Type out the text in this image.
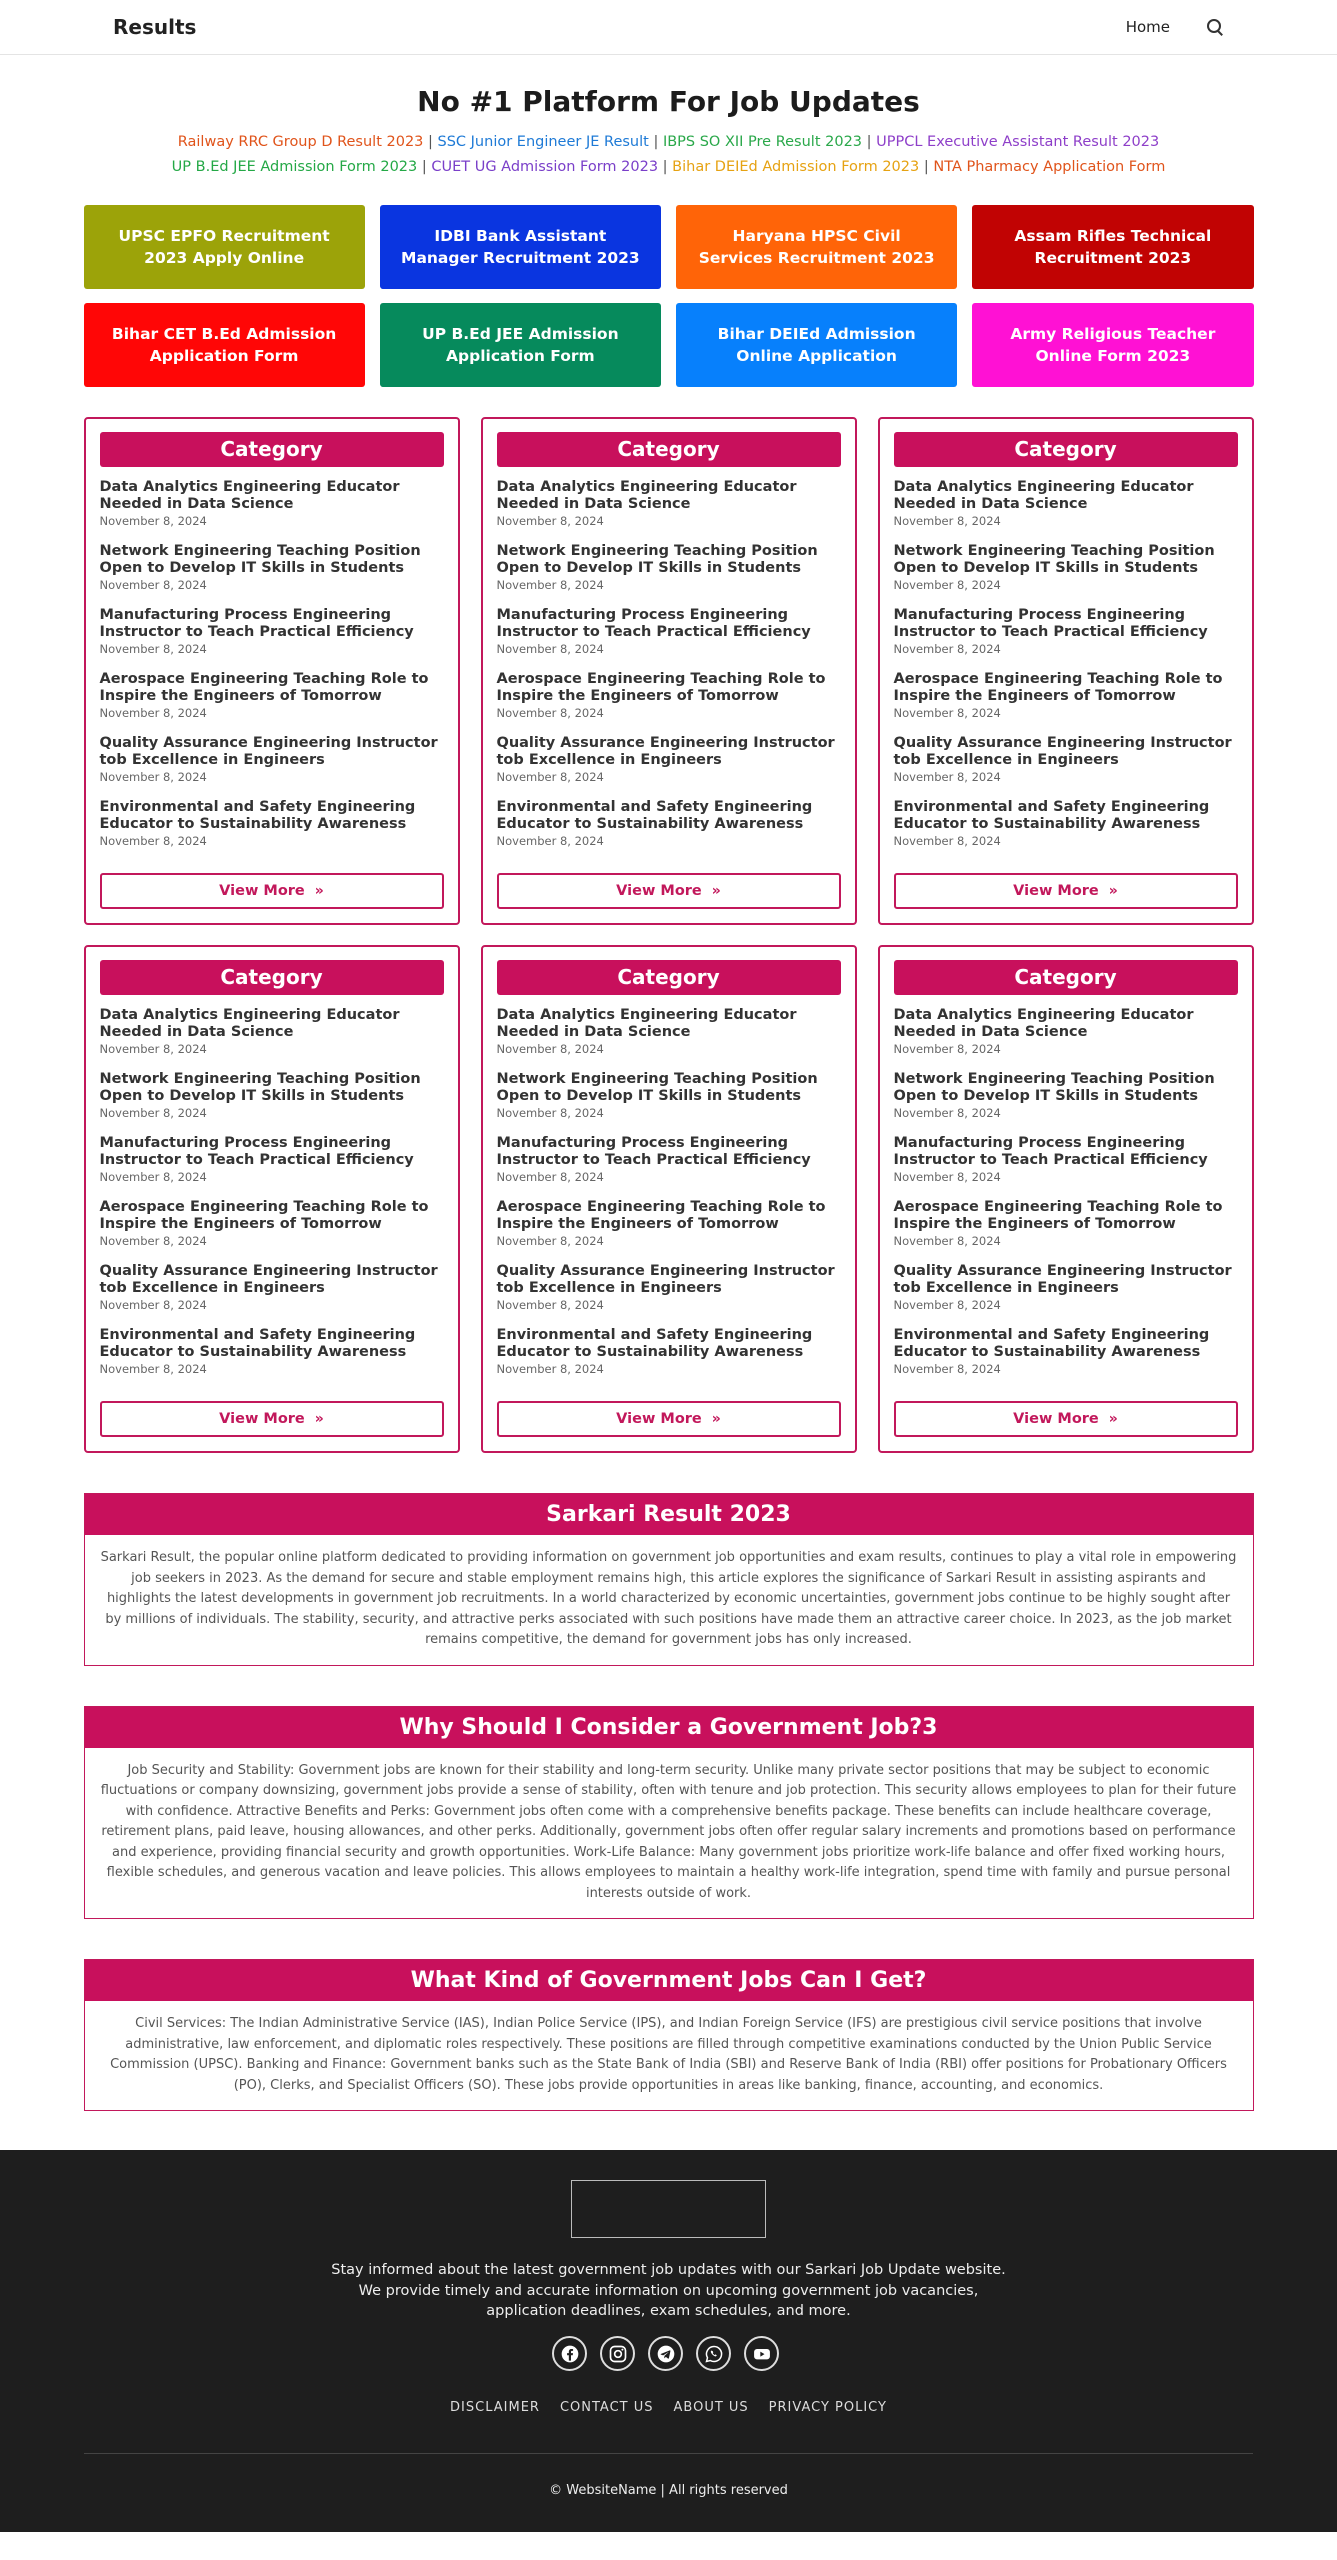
Results	Home
No #1 Platform For Job Updates
Railway RRC Group D Result 2023 | SSC Junior Engineer JE Result | IBPS SO XII Pre Result 2023 | UPPCL Executive Assistant Result 2023
UP B.Ed JEE Admission Form 2023 | CUET UG Admission Form 2023 | Bihar DEIEd Admission Form 2023 | NTA Pharmacy Application Form
UPSC EPFO Recruitment 2023 Apply Online
IDBI Bank Assistant Manager Recruitment 2023
Haryana HPSC Civil Services Recruitment 2023
Assam Rifles Technical Recruitment 2023
Bihar CET B.Ed Admission Application Form
UP B.Ed JEE Admission Application Form
Bihar DEIEd Admission Online Application
Army Religious Teacher Online Form 2023
Category
Data Analytics Engineering Educator Needed in Data Science
November 8, 2024
Network Engineering Teaching Position Open to Develop IT Skills in Students
November 8, 2024
Manufacturing Process Engineering Instructor to Teach Practical Efficiency
November 8, 2024
Aerospace Engineering Teaching Role to Inspire the Engineers of Tomorrow
November 8, 2024
Quality Assurance Engineering Instructor tob Excellence in Engineers
November 8, 2024
Environmental and Safety Engineering Educator to Sustainability Awareness
November 8, 2024
View More »
Category
Data Analytics Engineering Educator Needed in Data Science
November 8, 2024
Network Engineering Teaching Position Open to Develop IT Skills in Students
November 8, 2024
Manufacturing Process Engineering Instructor to Teach Practical Efficiency
November 8, 2024
Aerospace Engineering Teaching Role to Inspire the Engineers of Tomorrow
November 8, 2024
Quality Assurance Engineering Instructor tob Excellence in Engineers
November 8, 2024
Environmental and Safety Engineering Educator to Sustainability Awareness
November 8, 2024
View More »
Category
Data Analytics Engineering Educator Needed in Data Science
November 8, 2024
Network Engineering Teaching Position Open to Develop IT Skills in Students
November 8, 2024
Manufacturing Process Engineering Instructor to Teach Practical Efficiency
November 8, 2024
Aerospace Engineering Teaching Role to Inspire the Engineers of Tomorrow
November 8, 2024
Quality Assurance Engineering Instructor tob Excellence in Engineers
November 8, 2024
Environmental and Safety Engineering Educator to Sustainability Awareness
November 8, 2024
View More »
Category
Data Analytics Engineering Educator Needed in Data Science
November 8, 2024
Network Engineering Teaching Position Open to Develop IT Skills in Students
November 8, 2024
Manufacturing Process Engineering Instructor to Teach Practical Efficiency
November 8, 2024
Aerospace Engineering Teaching Role to Inspire the Engineers of Tomorrow
November 8, 2024
Quality Assurance Engineering Instructor tob Excellence in Engineers
November 8, 2024
Environmental and Safety Engineering Educator to Sustainability Awareness
November 8, 2024
View More »
Category
Data Analytics Engineering Educator Needed in Data Science
November 8, 2024
Network Engineering Teaching Position Open to Develop IT Skills in Students
November 8, 2024
Manufacturing Process Engineering Instructor to Teach Practical Efficiency
November 8, 2024
Aerospace Engineering Teaching Role to Inspire the Engineers of Tomorrow
November 8, 2024
Quality Assurance Engineering Instructor tob Excellence in Engineers
November 8, 2024
Environmental and Safety Engineering Educator to Sustainability Awareness
November 8, 2024
View More »
Category
Data Analytics Engineering Educator Needed in Data Science
November 8, 2024
Network Engineering Teaching Position Open to Develop IT Skills in Students
November 8, 2024
Manufacturing Process Engineering Instructor to Teach Practical Efficiency
November 8, 2024
Aerospace Engineering Teaching Role to Inspire the Engineers of Tomorrow
November 8, 2024
Quality Assurance Engineering Instructor tob Excellence in Engineers
November 8, 2024
Environmental and Safety Engineering Educator to Sustainability Awareness
November 8, 2024
View More »
Sarkari Result 2023

Sarkari Result, the popular online platform dedicated to providing information on government job opportunities and exam results, continues to play a vital role in empowering job seekers in 2023. As the demand for secure and stable employment remains high, this article explores the significance of Sarkari Result in assisting aspirants and highlights the latest developments in government job recruitments. In a world characterized by economic uncertainties, government jobs continue to be highly sought after by millions of individuals. The stability, security, and attractive perks associated with such positions have made them an attractive career choice. In 2023, as the job market remains competitive, the demand for government jobs has only increased.

Why Should I Consider a Government Job?3

Job Security and Stability: Government jobs are known for their stability and long-term security. Unlike many private sector positions that may be subject to economic fluctuations or company downsizing, government jobs provide a sense of stability, often with tenure and job protection. This security allows employees to plan for their future with confidence. Attractive Benefits and Perks: Government jobs often come with a comprehensive benefits package. These benefits can include healthcare coverage, retirement plans, paid leave, housing allowances, and other perks. Additionally, government jobs often offer regular salary increments and promotions based on performance and experience, providing financial security and growth opportunities. Work-Life Balance: Many government jobs prioritize work-life balance and offer fixed working hours, flexible schedules, and generous vacation and leave policies. This allows employees to maintain a healthy work-life integration, spend time with family and pursue personal interests outside of work.

What Kind of Government Jobs Can I Get?

Civil Services: The Indian Administrative Service (IAS), Indian Police Service (IPS), and Indian Foreign Service (IFS) are prestigious civil service positions that involve administrative, law enforcement, and diplomatic roles respectively. These positions are filled through competitive examinations conducted by the Union Public Service Commission (UPSC). Banking and Finance: Government banks such as the State Bank of India (SBI) and Reserve Bank of India (RBI) offer positions for Probationary Officers (PO), Clerks, and Specialist Officers (SO). These jobs provide opportunities in areas like banking, finance, accounting, and economics.

Stay informed about the latest government job updates with our Sarkari Job Update website. We provide timely and accurate information on upcoming government job vacancies, application deadlines, exam schedules, and more.
DISCLAIMER CONTACT US ABOUT US PRIVACY POLICY
© WebsiteName | All rights reserved
